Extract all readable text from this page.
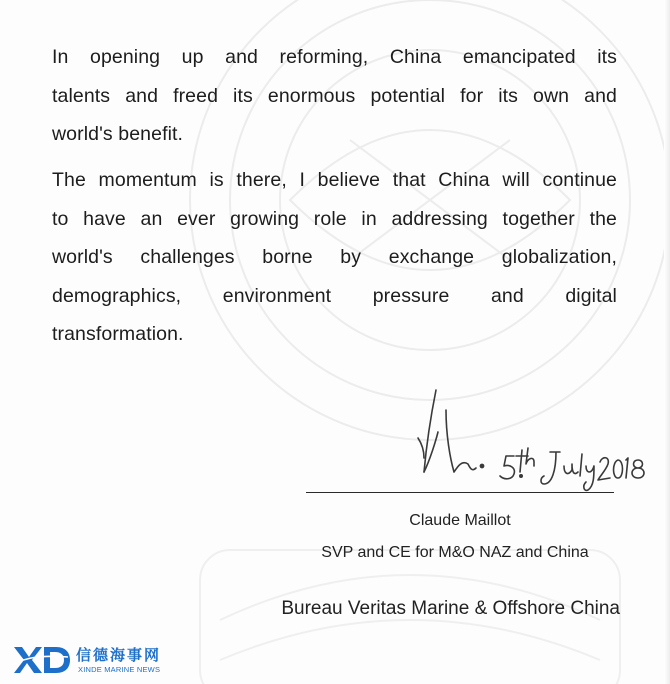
In opening up and reforming, China emancipated its
talents and freed its enormous potential for its own and
world's benefit.
The momentum is there, I believe that China will continue
to have an ever growing role in addressing together the
world's challenges borne by exchange globalization,
demographics, environment pressure and digital
transformation.
Claude Maillot
SVP and CE for M&O NAZ and China
Bureau Veritas Marine & Offshore China
信德海事网
XINDE MARINE NEWS
